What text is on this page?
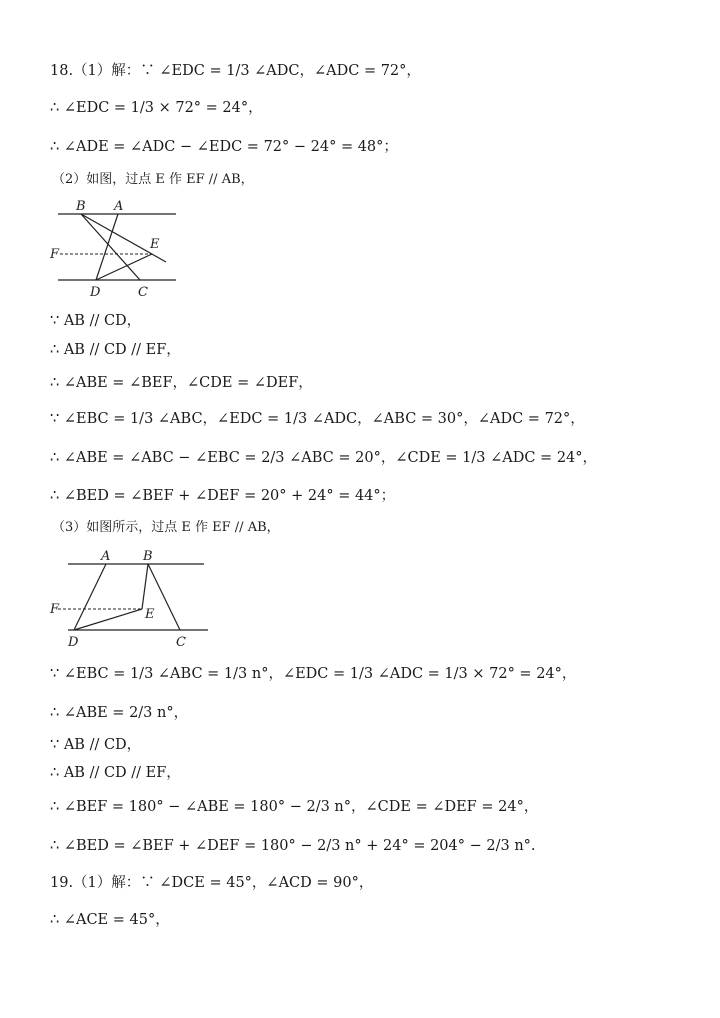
18.（1）解：∵ ∠EDC = 1/3 ∠ADC，∠ADC = 72°，
∴ ∠EDC = 1/3 × 72° = 24°，
∴ ∠ADE = ∠ADC − ∠EDC = 72° − 24° = 48°；
（2）如图，过点 E 作 EF // AB，
B A
E
F
D	C
∵ AB // CD，
∴ AB // CD // EF，
∴ ∠ABE = ∠BEF，∠CDE = ∠DEF，
∵ ∠EBC = 1/3 ∠ABC，∠EDC = 1/3 ∠ADC，∠ABC = 30°，∠ADC = 72°，
∴ ∠ABE = ∠ABC − ∠EBC = 2/3 ∠ABC = 20°，∠CDE = 1/3 ∠ADC = 24°，
∴ ∠BED = ∠BEF + ∠DEF = 20° + 24° = 44°；
（3）如图所示，过点 E 作 EF // AB，
A	B
E
F
D	C
∵ ∠EBC = 1/3 ∠ABC = 1/3 n°，∠EDC = 1/3 ∠ADC = 1/3 × 72° = 24°，
∴ ∠ABE = 2/3 n°，
∵ AB // CD，
∴ AB // CD // EF，
∴ ∠BEF = 180° − ∠ABE = 180° − 2/3 n°，∠CDE = ∠DEF = 24°，
∴ ∠BED = ∠BEF + ∠DEF = 180° − 2/3 n° + 24° = 204° − 2/3 n°.
19.（1）解：∵ ∠DCE = 45°，∠ACD = 90°，
∴ ∠ACE = 45°，
